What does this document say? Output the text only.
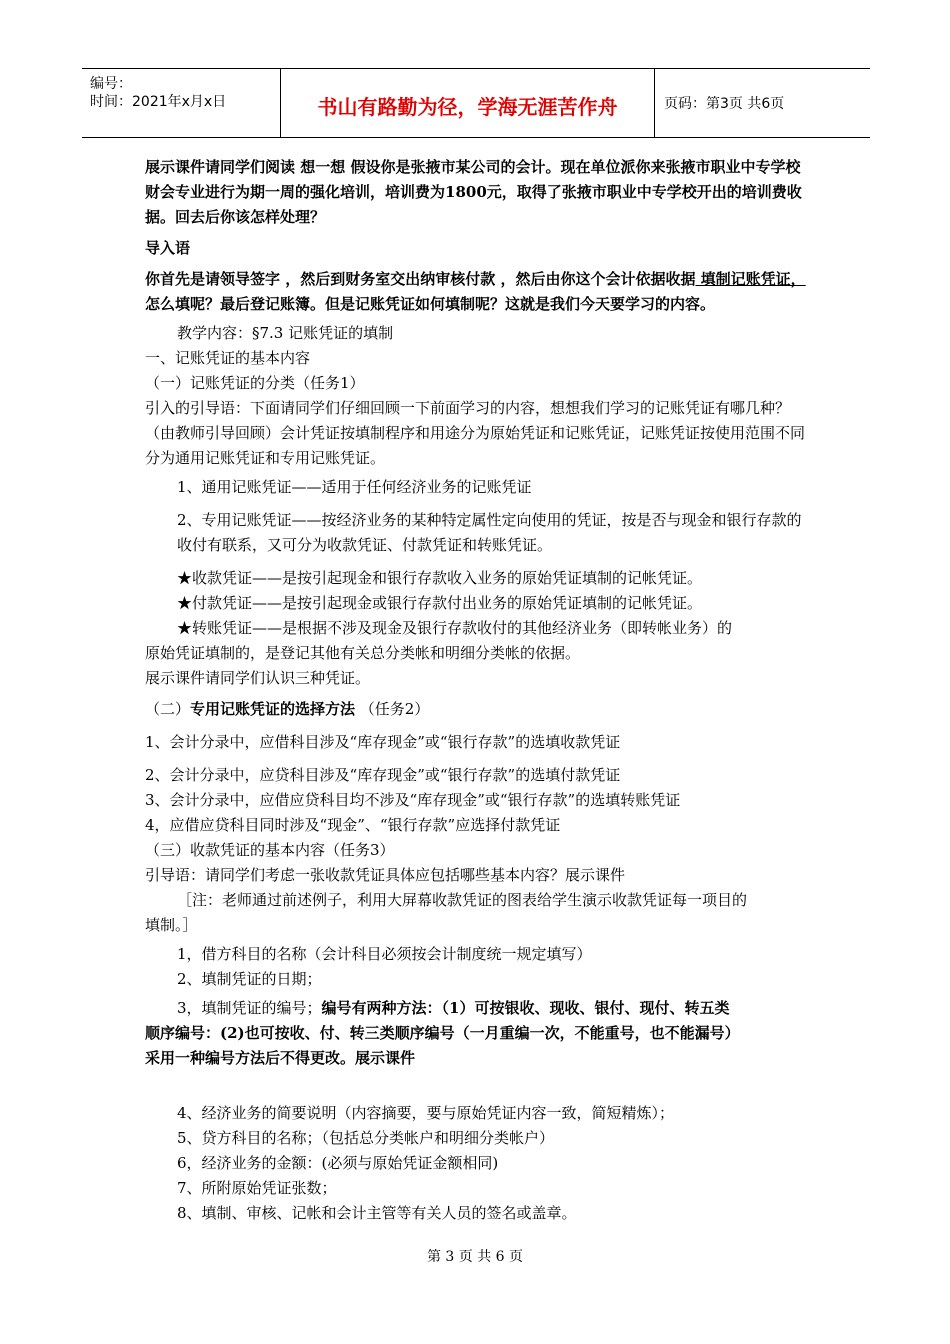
编号：
时间：2021年x月x日	书山有路勤为径，学海无涯苦作舟	页码：第3页 共6页

展示课件请同学们阅读 想一想 假设你是张掖市某公司的会计。现在单位派你来张掖市职业中专学校财会专业进行为期一周的强化培训，培训费为1800元，取得了张掖市职业中专学校开出的培训费收据。回去后你该怎样处理？

导入语

你首先是请领导签字 ，然后到财务室交出纳审核付款 ，然后由你这个会计依据收据 填制记账凭证，怎么填呢？最后登记账簿。但是记账凭证如何填制呢？这就是我们今天要学习的内容。

教学内容：§7.3 记账凭证的填制

一、记账凭证的基本内容

（一）记账凭证的分类（任务1）

引入的引导语：下面请同学们仔细回顾一下前面学习的内容，想想我们学习的记账凭证有哪几种？（由教师引导回顾）会计凭证按填制程序和用途分为原始凭证和记账凭证，记账凭证按使用范围不同分为通用记账凭证和专用记账凭证。

1、通用记账凭证——适用于任何经济业务的记账凭证

2、专用记账凭证——按经济业务的某种特定属性定向使用的凭证，按是否与现金和银行存款的收付有联系，又可分为收款凭证、付款凭证和转账凭证。

★收款凭证——是按引起现金和银行存款收入业务的原始凭证填制的记帐凭证。

★付款凭证——是按引起现金或银行存款付出业务的原始凭证填制的记帐凭证。

★转账凭证——是根据不涉及现金及银行存款收付的其他经济业务（即转帐业务）的

原始凭证填制的，是登记其他有关总分类帐和明细分类帐的依据。

展示课件请同学们认识三种凭证。

（二）专用记账凭证的选择方法 （任务2）

1、会计分录中，应借科目涉及“库存现金”或“银行存款”的选填收款凭证

2、会计分录中，应贷科目涉及“库存现金”或“银行存款”的选填付款凭证

3、会计分录中，应借应贷科目均不涉及“库存现金”或“银行存款”的选填转账凭证

4，应借应贷科目同时涉及“现金”、“银行存款”应选择付款凭证

（三）收款凭证的基本内容（任务3）

引导语：请同学们考虑一张收款凭证具体应包括哪些基本内容？展示课件

［注：老师通过前述例子，利用大屏幕收款凭证的图表给学生演示收款凭证每一项目的

填制。］

1，借方科目的名称（会计科目必须按会计制度统一规定填写）

2、填制凭证的日期；

3，填制凭证的编号；编号有两种方法：（1）可按银收、现收、银付、现付、转五类

顺序编号：(2)也可按收、付、转三类顺序编号（一月重编一次，不能重号，也不能漏号）

采用一种编号方法后不得更改。展示课件

4、经济业务的简要说明（内容摘要，要与原始凭证内容一致，简短精炼）；

5、贷方科目的名称；（包括总分类帐户和明细分类帐户）

6，经济业务的金额：(必须与原始凭证金额相同)

7、所附原始凭证张数；

8、填制、审核、记帐和会计主管等有关人员的签名或盖章。

第 3 页 共 6 页
